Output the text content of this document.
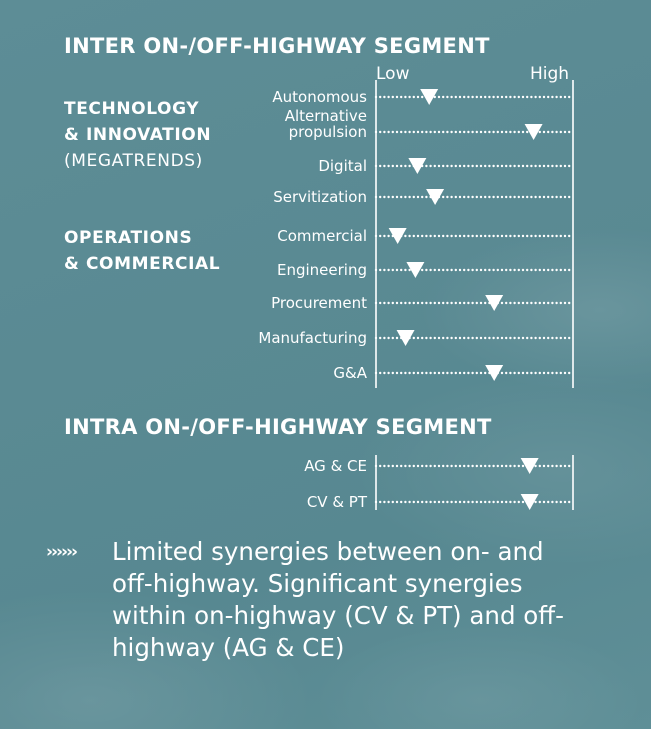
INTER ON-/OFF-HIGHWAY SEGMENT
Low	High
TECHNOLOGY
& INNOVATION
(MEGATRENDS)
OPERATIONS
& COMMERCIAL
INTRA ON-/OFF-HIGHWAY SEGMENT
Autonomous
Alternative
propulsion
Digital
Servitization
Commercial
Engineering
Procurement
Manufacturing
G&A
AG & CE
CV & PT
›››››› Limited synergies between on- and off-highway. Significant synergies within on-highway (CV & PT) and off-highway (AG & CE)
